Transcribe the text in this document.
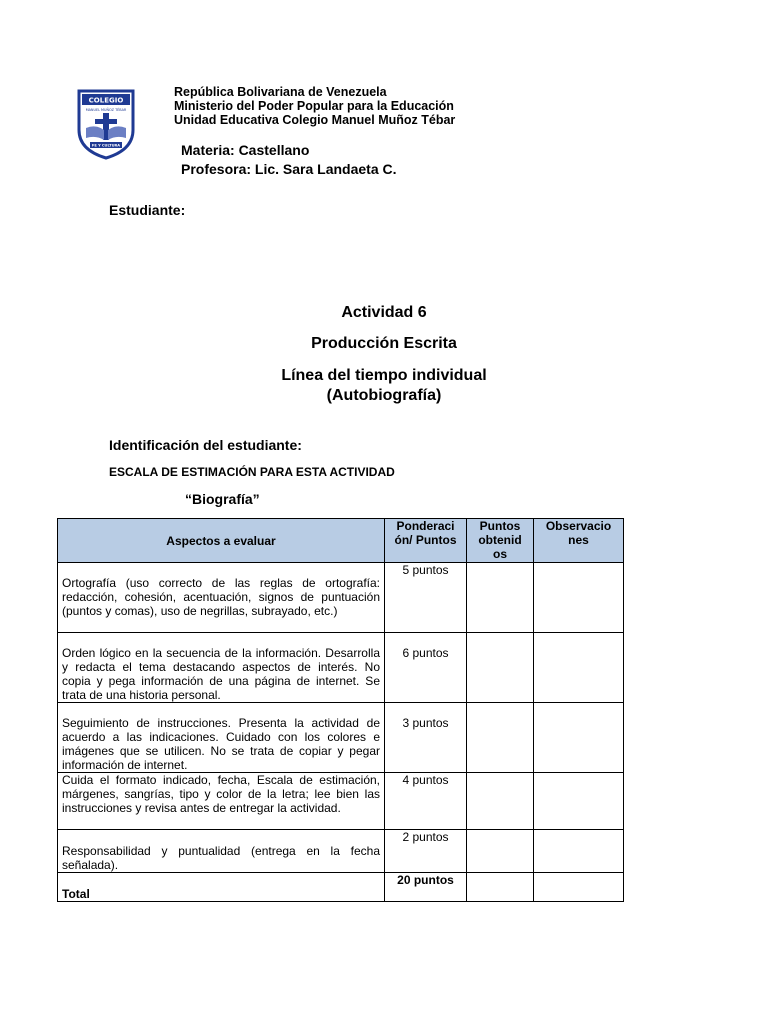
COLEGIO
MANUEL MUÑOZ TÉBAR
FE Y CULTURA
República Bolivariana de Venezuela
Ministerio del Poder Popular para la Educación
Unidad Educativa Colegio Manuel Muñoz Tébar
Materia: Castellano
Profesora: Lic. Sara Landaeta C.
Estudiante:
Actividad 6
Producción Escrita
Línea del tiempo individual
(Autobiografía)
Identificación del estudiante:
ESCALA DE ESTIMACIÓN PARA ESTA ACTIVIDAD
“Biografía”
Aspectos a evaluar	Ponderaci ón/ Puntos	Puntos obtenid os	Observacio nes
Ortografía (uso correcto de las reglas de ortografía: redacción, cohesión, acentuación, signos de puntuación (puntos y comas), uso de negrillas, subrayado, etc.)	5 puntos		
Orden lógico en la secuencia de la información. Desarrolla y redacta el tema destacando aspectos de interés. No copia y pega información de una página de internet. Se trata de una historia personal.	6 puntos		
Seguimiento de instrucciones. Presenta la actividad de acuerdo a las indicaciones. Cuidado con los colores e imágenes que se utilicen. No se trata de copiar y pegar información de internet.	3 puntos		
Cuida el formato indicado, fecha, Escala de estimación, márgenes, sangrías, tipo y color de la letra; lee bien las instrucciones y revisa antes de entregar la actividad.	4 puntos		
Responsabilidad y puntualidad (entrega en la fecha señalada).	2 puntos		
Total	20 puntos		
